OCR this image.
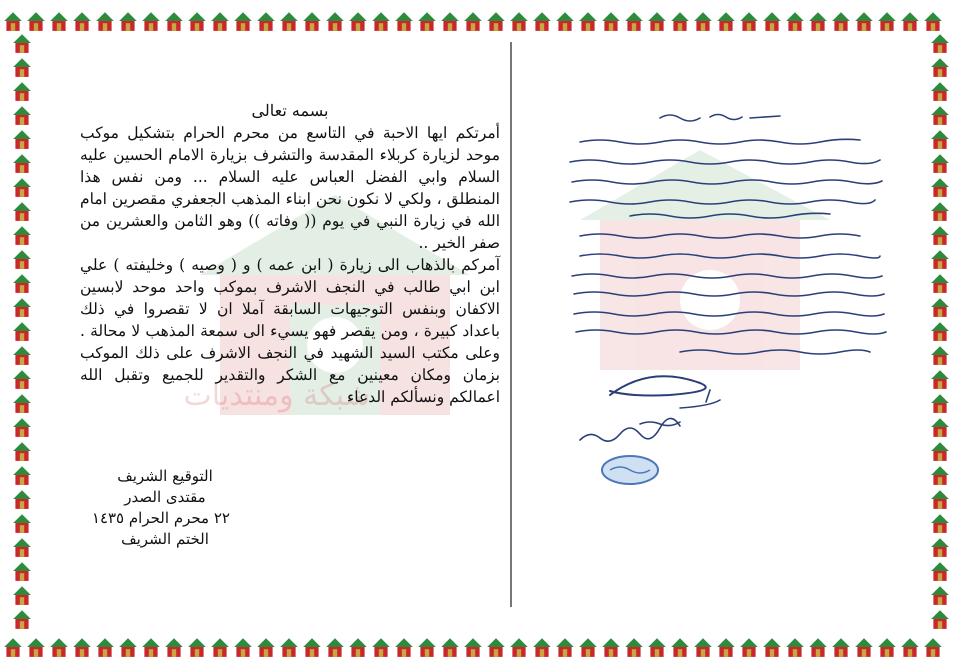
شبكة ومنتديات
بسمه تعالى

أمرتكم ايها الاحبة في التاسع من محرم الحرام بتشكيل موكب موحد لزيارة كربلاء المقدسة والتشرف بزيارة الامام الحسين عليه السلام وابي الفضل العباس عليه السلام ... ومن نفس هذا المنطلق ، ولكي لا نكون نحن ابناء المذهب الجعفري مقصرين امام الله في زيارة النبي في يوم (( وفاته )) وهو الثامن والعشرين من صفر الخير ..

آمركم بالذهاب الى زيارة ( ابن عمه ) و ( وصيه ) وخليفته ) علي ابن ابي طالب في النجف الاشرف بموكب واحد موحد لابسين الاكفان وبنفس التوجيهات السابقة آملا ان لا تقصروا في ذلك باعداد كبيرة ، ومن يقصر فهو يسيء الى سمعة المذهب لا محالة . وعلى مكتب السيد الشهيد في النجف الاشرف على ذلك الموكب بزمان ومكان معينين مع الشكر والتقدير للجميع وتقبل الله اعمالكم ونسألكم الدعاء

التوقيع الشريف
مقتدى الصدر
٢٢ محرم الحرام ١٤٣٥
الختم الشريف
